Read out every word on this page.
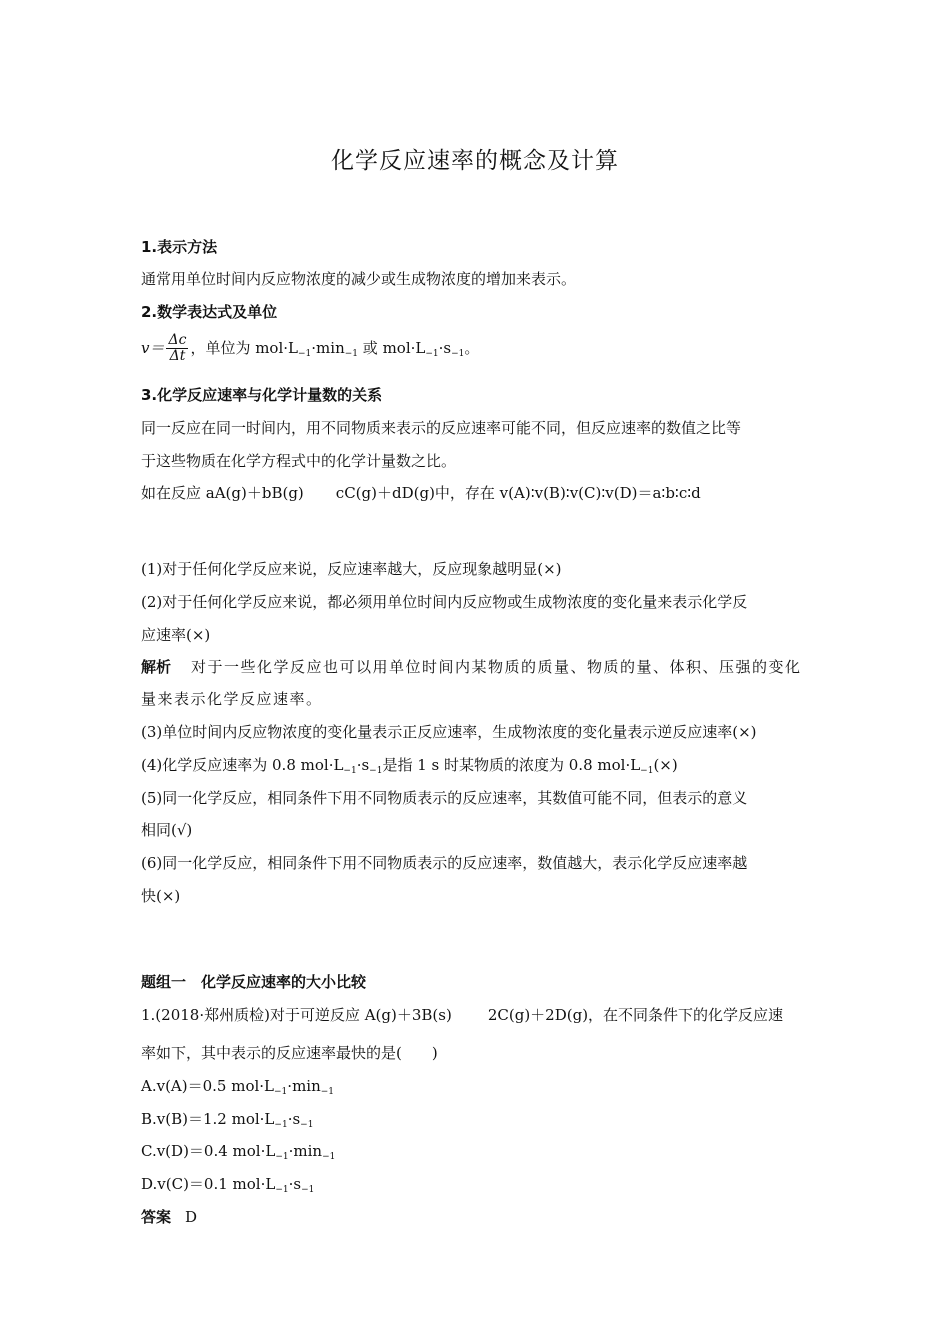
化学反应速率的概念及计算
1.表示方法
通常用单位时间内反应物浓度的减少或生成物浓度的增加来表示。
2.数学表达式及单位
$v= \frac{\Delta c}{\Delta t}$ ，单位为 $mol\cdot L^{-1}\cdot\min^{-1}$ 或 $mol\cdot L^{-1}\cdot s^{-1}$。
3.化学反应速率与化学计量数的关系
同一反应在同一时间内，用不同物质来表示的反应速率可能不同，但反应速率的数值之比等
于这些物质在化学方程式中的化学计量数之比。
如在反应 aA(g)＋bB(g) cC(g)＋dD(g)中，存在 v(A)∶v(B)∶v(C)∶v(D)＝a∶b∶c∶d
(1)对于任何化学反应来说，反应速率越大，反应现象越明显(×)
(2)对于任何化学反应来说，都必须用单位时间内反应物或生成物浓度的变化量来表示化学反
应速率(×)
解析 对于一些化学反应也可以用单位时间内某物质的质量、物质的量、体积、压强的变化
量来表示化学反应速率。
(3)单位时间内反应物浓度的变化量表示正反应速率，生成物浓度的变化量表示逆反应速率(×)
(4)化学反应速率为 0.8 $mol\cdot L^{-1}\cdot s^{-1}$是指 1 s 时某物质的浓度为 0.8 $mol\cdot L^{-1}(\times)$
(5)同一化学反应，相同条件下用不同物质表示的反应速率，其数值可能不同，但表示的意义
相同(√)
(6)同一化学反应，相同条件下用不同物质表示的反应速率，数值越大，表示化学反应速率越
快(×)
题组一　化学反应速率的大小比较
1.(2018·郑州质检)对于可逆反应 A(g)＋3B(s) 2C(g)＋2D(g)，在不同条件下的化学反应速
率如下，其中表示的反应速率最快的是(　　)
A.v(A)＝0.5 $mol\cdot L^{-1}\cdot\min^{-1}$
B.v(B)＝1.2 $mol\cdot L^{-1}\cdot s^{-1}$
C.v(D)＝0.4 $mol\cdot L^{-1}\cdot\min^{-1}$
D.v(C)＝0.1 $mol\cdot L^{-1}\cdot s^{-1}$
答案 D
